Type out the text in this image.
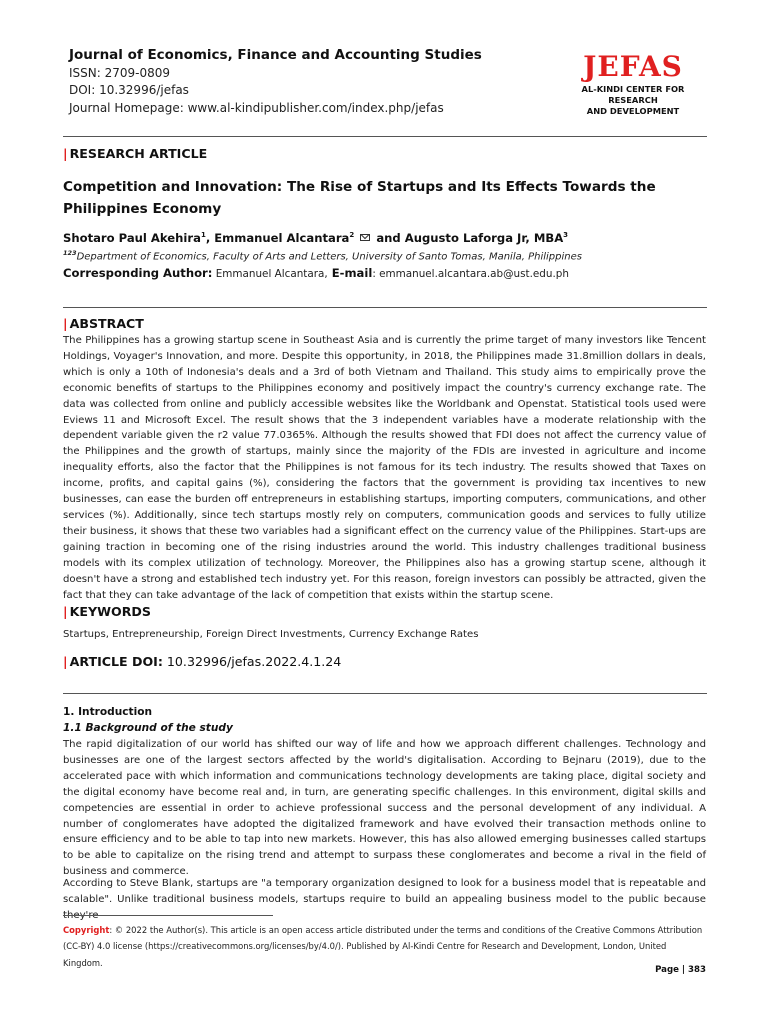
Journal of Economics, Finance and Accounting Studies
ISSN: 2709-0809
DOI: 10.32996/jefas
Journal Homepage: www.al-kindipublisher.com/index.php/jefas
JEFAS
AL-KINDI CENTER FOR RESEARCH
AND DEVELOPMENT
| RESEARCH ARTICLE
Competition and Innovation: The Rise of Startups and Its Effects Towards the Philippines Economy
Shotaro Paul Akehira$^1$, Emmanuel Alcantara$^2$  and Augusto Laforga Jr, MBA$^3$
$^{123}$Department of Economics, Faculty of Arts and Letters, University of Santo Tomas, Manila, Philippines
Corresponding Author: Emmanuel Alcantara, E-mail: emmanuel.alcantara.ab@ust.edu.ph
| ABSTRACT
The Philippines has a growing startup scene in Southeast Asia and is currently the prime target of many investors like Tencent Holdings, Voyager's Innovation, and more. Despite this opportunity, in 2018, the Philippines made 31.8million dollars in deals, which is only a 10th of Indonesia's deals and a 3rd of both Vietnam and Thailand. This study aims to empirically prove the economic benefits of startups to the Philippines economy and positively impact the country's currency exchange rate. The data was collected from online and publicly accessible websites like the Worldbank and Openstat. Statistical tools used were Eviews 11 and Microsoft Excel. The result shows that the 3 independent variables have a moderate relationship with the dependent variable given the r2 value 77.0365%. Although the results showed that FDI does not affect the currency value of the Philippines and the growth of startups, mainly since the majority of the FDIs are invested in agriculture and income inequality efforts, also the factor that the Philippines is not famous for its tech industry. The results showed that Taxes on income, profits, and capital gains (%), considering the factors that the government is providing tax incentives to new businesses, can ease the burden off entrepreneurs in establishing startups, importing computers, communications, and other services (%). Additionally, since tech startups mostly rely on computers, communication goods and services to fully utilize their business, it shows that these two variables had a significant effect on the currency value of the Philippines. Start-ups are gaining traction in becoming one of the rising industries around the world. This industry challenges traditional business models with its complex utilization of technology. Moreover, the Philippines also has a growing startup scene, although it doesn't have a strong and established tech industry yet. For this reason, foreign investors can possibly be attracted, given the fact that they can take advantage of the lack of competition that exists within the startup scene.
| KEYWORDS
Startups, Entrepreneurship, Foreign Direct Investments, Currency Exchange Rates
| ARTICLE DOI: 10.32996/jefas.2022.4.1.24
1. Introduction
1.1 Background of the study
The rapid digitalization of our world has shifted our way of life and how we approach different challenges. Technology and businesses are one of the largest sectors affected by the world's digitalisation. According to Bejnaru (2019), due to the accelerated pace with which information and communications technology developments are taking place, digital society and the digital economy have become real and, in turn, are generating specific challenges. In this environment, digital skills and competencies are essential in order to achieve professional success and the personal development of any individual. A number of conglomerates have adopted the digitalized framework and have evolved their transaction methods online to ensure efficiency and to be able to tap into new markets. However, this has also allowed emerging businesses called startups to be able to capitalize on the rising trend and attempt to surpass these conglomerates and become a rival in the field of business and commerce.
According to Steve Blank, startups are "a temporary organization designed to look for a business model that is repeatable and scalable". Unlike traditional business models, startups require to build an appealing business model to the public because they're
Copyright: © 2022 the Author(s). This article is an open access article distributed under the terms and conditions of the Creative Commons Attribution (CC-BY) 4.0 license (https://creativecommons.org/licenses/by/4.0/). Published by Al-Kindi Centre for Research and Development, London, United Kingdom.
Page | 383
